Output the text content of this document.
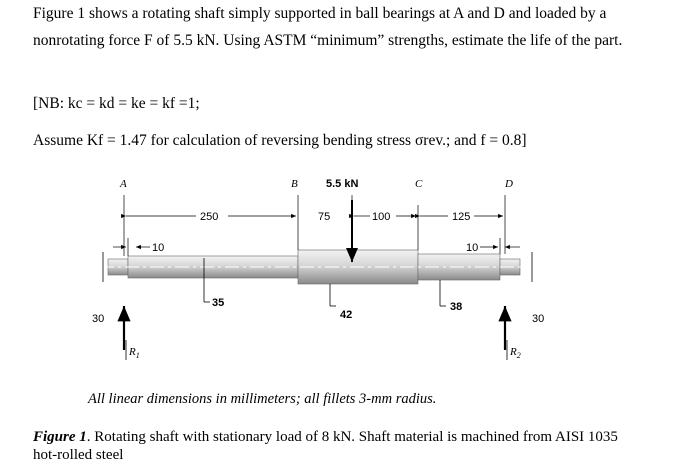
Figure 1 shows a rotating shaft simply supported in ball bearings at A and D and loaded by a
nonrotating force F of 5.5 kN. Using ASTM “minimum” strengths, estimate the life of the part.
[NB: kc = kd = ke = kf =1;
Assume Kf = 1.47 for calculation of reversing bending stress σrev.; and f = 0.8]
A	B	5.5 kN	C	D
250	75	100	125
10	10
30	30
35
42
38
$R_1$	$R_2$
All linear dimensions in millimeters; all fillets 3-mm radius.
Figure 1. Rotating shaft with stationary load of 8 kN. Shaft material is machined from AISI 1035 hot-rolled steel
